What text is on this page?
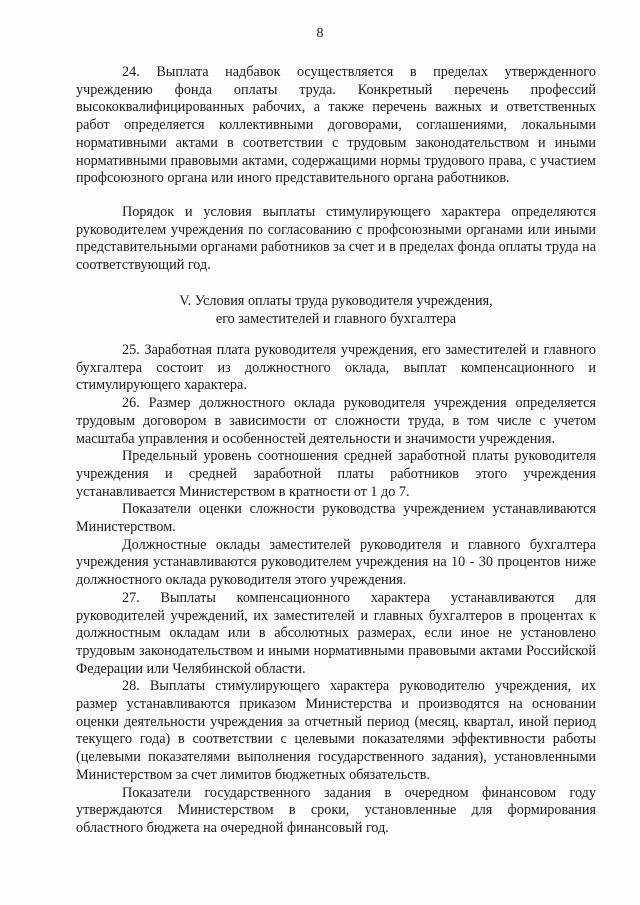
8

24. Выплата надбавок осуществляется в пределах утвержденного учреждению фонда оплаты труда. Конкретный перечень профессий высококвалифицированных рабочих, а также перечень важных и ответственных работ определяется коллективными договорами, соглашениями, локальными нормативными актами в соответствии с трудовым законодательством и иными нормативными правовыми актами, содержащими нормы трудового права, с участием профсоюзного органа или иного представительного органа работников.

Порядок и условия выплаты стимулирующего характера определяются руководителем учреждения по согласованию с профсоюзными органами или иными представительными органами работников за счет и в пределах фонда оплаты труда на соответствующий год.

V. Условия оплаты труда руководителя учреждения,
его заместителей и главного бухгалтера

25. Заработная плата руководителя учреждения, его заместителей и главного бухгалтера состоит из должностного оклада, выплат компенсационного и стимулирующего характера.

26. Размер должностного оклада руководителя учреждения определяется трудовым договором в зависимости от сложности труда, в том числе с учетом масштаба управления и особенностей деятельности и значимости учреждения.

Предельный уровень соотношения средней заработной платы руководителя учреждения и средней заработной платы работников этого учреждения устанавливается Министерством в кратности от 1 до 7.

Показатели оценки сложности руководства учреждением устанавливаются Министерством.

Должностные оклады заместителей руководителя и главного бухгалтера учреждения устанавливаются руководителем учреждения на 10 - 30 процентов ниже должностного оклада руководителя этого учреждения.

27. Выплаты компенсационного характера устанавливаются для руководителей учреждений, их заместителей и главных бухгалтеров в процентах к должностным окладам или в абсолютных размерах, если иное не установлено трудовым законодательством и иными нормативными правовыми актами Российской Федерации или Челябинской области.

28. Выплаты стимулирующего характера руководителю учреждения, их размер устанавливаются приказом Министерства и производятся на основании оценки деятельности учреждения за отчетный период (месяц, квартал, иной период текущего года) в соответствии с целевыми показателями эффективности работы (целевыми показателями выполнения государственного задания), установленными Министерством за счет лимитов бюджетных обязательств.

Показатели государственного задания в очередном финансовом году утверждаются Министерством в сроки, установленные для формирования областного бюджета на очередной финансовый год.
